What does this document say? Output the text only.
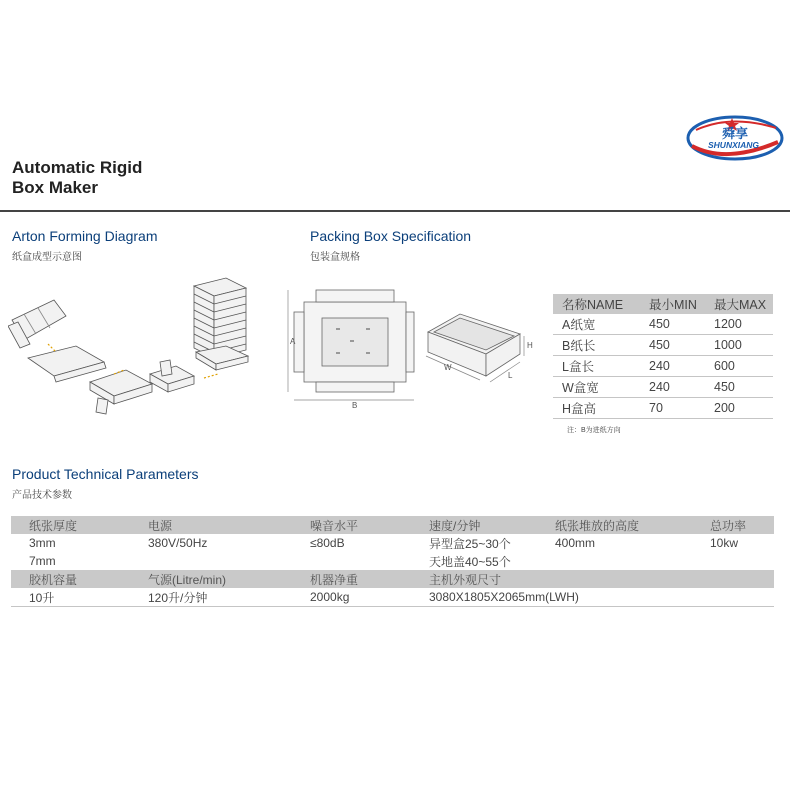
舜享
SHUNXIANG
Automatic Rigid
Box Maker
Arton Forming Diagram
纸盒成型示意图
Packing Box Specification
包装盒规格
A
B
W
L
H
名称NAME	最小MIN	最大MAX
A纸宽	450	1200
B纸长	450	1000
L盒长	240	600
W盒宽	240	450
H盒高	70	200
注：B为进纸方向
Product Technical Parameters
产品技术参数
纸张厚度	电源	噪音水平	速度/分钟	纸张堆放的高度	总功率
3mm	380V/50Hz	≤80dB	异型盒25~30个	400mm	10kw
7mm			天地盖40~55个		
胶机容量	气源(Litre/min)	机器净重	主机外观尺寸		
10升	120升/分钟	2000kg	3080X1805X2065mm(LWH)		
